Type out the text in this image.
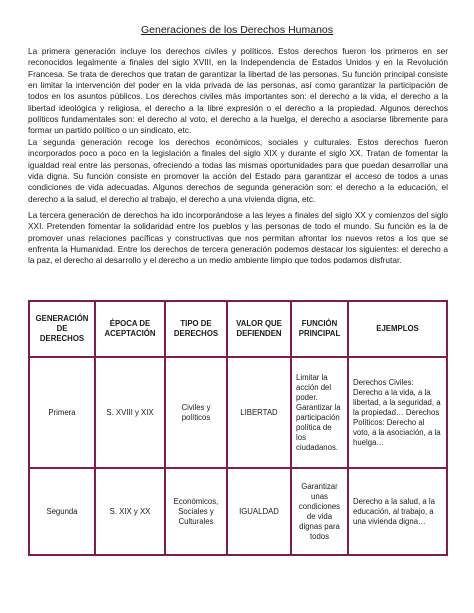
Generaciones de los Derechos Humanos

La primera generación incluye los derechos civiles y políticos. Estos derechos fueron los primeros en ser reconocidos legalmente a finales del siglo XVIII, en la Independencia de Estados Unidos y en la Revolución Francesa. Se trata de derechos que tratan de garantizar la libertad de las personas. Su función principal consiste en limitar la intervención del poder en la vida privada de las personas, así como garantizar la participación de todos en los asuntos públicos. Los derechos civiles más importantes son: el derecho a la vida, el derecho a la libertad ideológica y religiosa, el derecho a la libre expresión o el derecho a la propiedad. Algunos derechos políticos fundamentales son: el derecho al voto, el derecho a la huelga, el derecho a asociarse libremente para formar un partido político o un sindicato, etc.

La segunda generación recoge los derechos económicos, sociales y culturales. Estos derechos fueron incorporados poco a poco en la legislación a finales del siglo XIX y durante el siglo XX. Tratan de fomentar la igualdad real entre las personas, ofreciendo a todas las mismas oportunidades para que puedan desarrollar una vida digna. Su función consiste en promover la acción del Estado para garantizar el acceso de todos a unas condiciones de vida adecuadas. Algunos derechos de segunda generación son: el derecho a la educación, el derecho a la salud, el derecho al trabajo, el derecho a una vivienda digna, etc.

La tercera generación de derechos ha ido incorporándose a las leyes a finales del siglo XX y comienzos del siglo XXI. Pretenden fomentar la solidaridad entre los pueblos y las personas de todo el mundo. Su función es la de promover unas relaciones pacíficas y constructivas que nos permitan afrontar los nuevos retos a los que se enfrenta la Humanidad. Entre los derechos de tercera generación podemos destacar los siguientes: el derecho a la paz, el derecho al desarrollo y el derecho a un medio ambiente limpio que todos podamos disfrutar.

GENERACIÓN DE DERECHOS	ÉPOCA DE ACEPTACIÓN	TIPO DE DERECHOS	VALOR QUE DEFIENDEN	FUNCIÓN PRINCIPAL	EJEMPLOS
Primera	S. XVIII y XIX	Civiles y políticos	LIBERTAD	Limitar la acción del poder. Garantizar la participación política de los ciudadanos.	Derechos Civiles: Derecho a la vida, a la libertad, a la seguridad, a la propiedad… Derechos Políticos: Derecho al voto, a la asociación, a la huelga…
Segunda	S. XIX y XX	Económicos, Sociales y Culturales	IGUALDAD	Garantizar unas condiciones de vida dignas para todos	Derecho a la salud, a la educación, al trabajo, a una vivienda digna…
